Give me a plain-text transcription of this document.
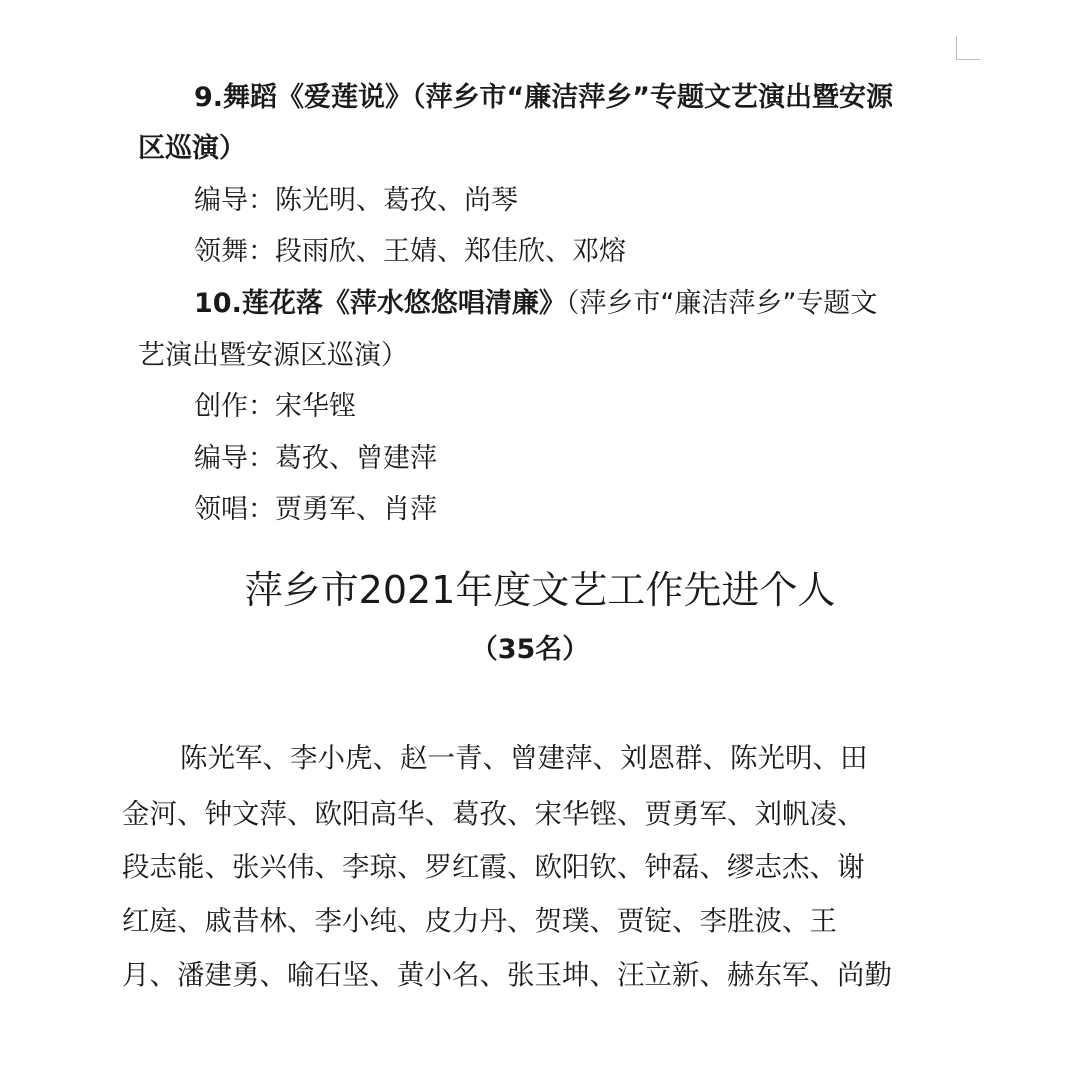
9.舞蹈《爱莲说》（萍乡市“廉洁萍乡”专题文艺演出暨安源
区巡演）
编导：陈光明、葛孜、尚琴
领舞：段雨欣、王婧、郑佳欣、邓熔
10.莲花落《萍水悠悠唱清廉》（萍乡市“廉洁萍乡”专题文
艺演出暨安源区巡演）
创作：宋华铿
编导：葛孜、曾建萍
领唱：贾勇军、肖萍
萍乡市2021年度文艺工作先进个人
（35名）
陈光军、李小虎、赵一青、曾建萍、刘恩群、陈光明、田
金河、钟文萍、欧阳高华、葛孜、宋华铿、贾勇军、刘帆凌、
段志能、张兴伟、李琼、罗红霞、欧阳钦、钟磊、缪志杰、谢
红庭、戚昔林、李小纯、皮力丹、贺璞、贾锭、李胜波、王
月、潘建勇、喻石坚、黄小名、张玉坤、汪立新、赫东军、尚勤
